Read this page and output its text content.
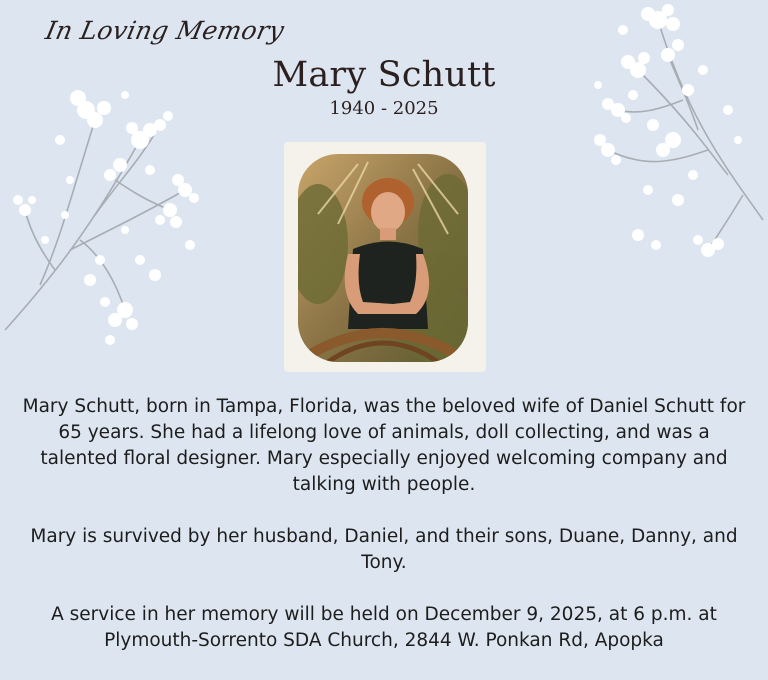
In Loving Memory
Mary Schutt
1940 - 2025

Mary Schutt, born in Tampa, Florida, was the beloved wife of Daniel Schutt for 65 years. She had a lifelong love of animals, doll collecting, and was a talented floral designer. Mary especially enjoyed welcoming company and talking with people.

Mary is survived by her husband, Daniel, and their sons, Duane, Danny, and Tony.

A service in her memory will be held on December 9, 2025, at 6 p.m. at Plymouth-Sorrento SDA Church, 2844 W. Ponkan Rd, Apopka
